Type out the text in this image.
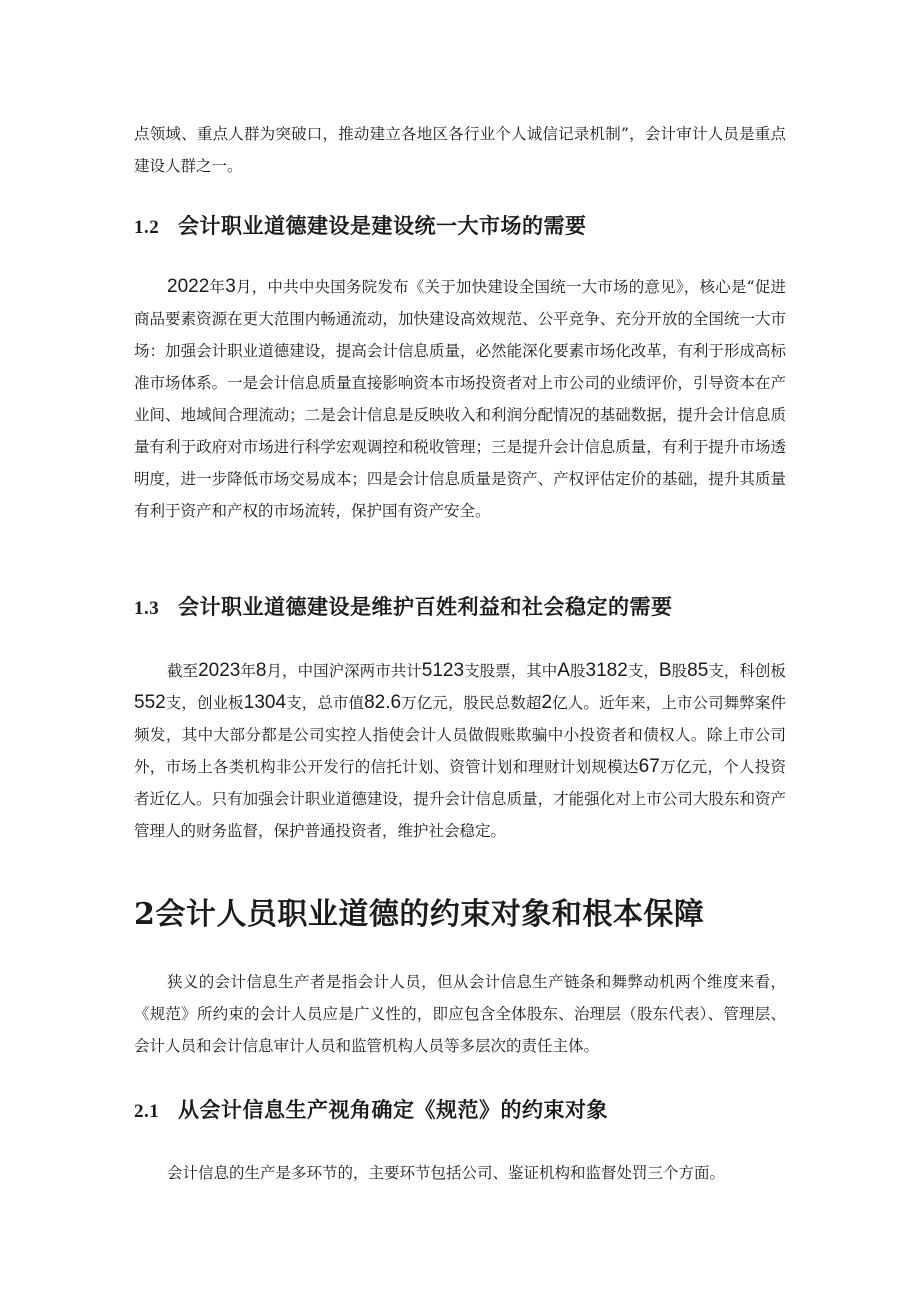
点领域、重点人群为突破口，推动建立各地区各行业个人诚信记录机制”，会计审计人员是重点建设人群之一。

1.2 会计职业道德建设是建设统一大市场的需要

2022年3月，中共中央国务院发布《关于加快建设全国统一大市场的意见》，核心是“促进商品要素资源在更大范围内畅通流动，加快建设高效规范、公平竞争、充分开放的全国统一大市场：加强会计职业道德建设，提高会计信息质量，必然能深化要素市场化改革，有利于形成高标准市场体系。一是会计信息质量直接影响资本市场投资者对上市公司的业绩评价，引导资本在产业间、地域间合理流动；二是会计信息是反映收入和利润分配情况的基础数据，提升会计信息质量有利于政府对市场进行科学宏观调控和税收管理；三是提升会计信息质量，有利于提升市场透明度，进一步降低市场交易成本；四是会计信息质量是资产、产权评估定价的基础，提升其质量有利于资产和产权的市场流转，保护国有资产安全。

1.3 会计职业道德建设是维护百姓利益和社会稳定的需要

截至2023年8月，中国沪深两市共计5123支股票，其中A股3182支，B股85支，科创板552支，创业板1304支，总市值82.6万亿元，股民总数超2亿人。近年来，上市公司舞弊案件频发，其中大部分都是公司实控人指使会计人员做假账欺骗中小投资者和债权人。除上市公司外，市场上各类机构非公开发行的信托计划、资管计划和理财计划规模达67万亿元，个人投资者近亿人。只有加强会计职业道德建设，提升会计信息质量，才能强化对上市公司大股东和资产管理人的财务监督，保护普通投资者，维护社会稳定。

2会计人员职业道德的约束对象和根本保障

狭义的会计信息生产者是指会计人员，但从会计信息生产链条和舞弊动机两个维度来看，《规范》所约束的会计人员应是广义性的，即应包含全体股东、治理层（股东代表）、管理层、会计人员和会计信息审计人员和监管机构人员等多层次的责任主体。

2.1 从会计信息生产视角确定《规范》的约束对象

会计信息的生产是多环节的，主要环节包括公司、鉴证机构和监督处罚三个方面。
